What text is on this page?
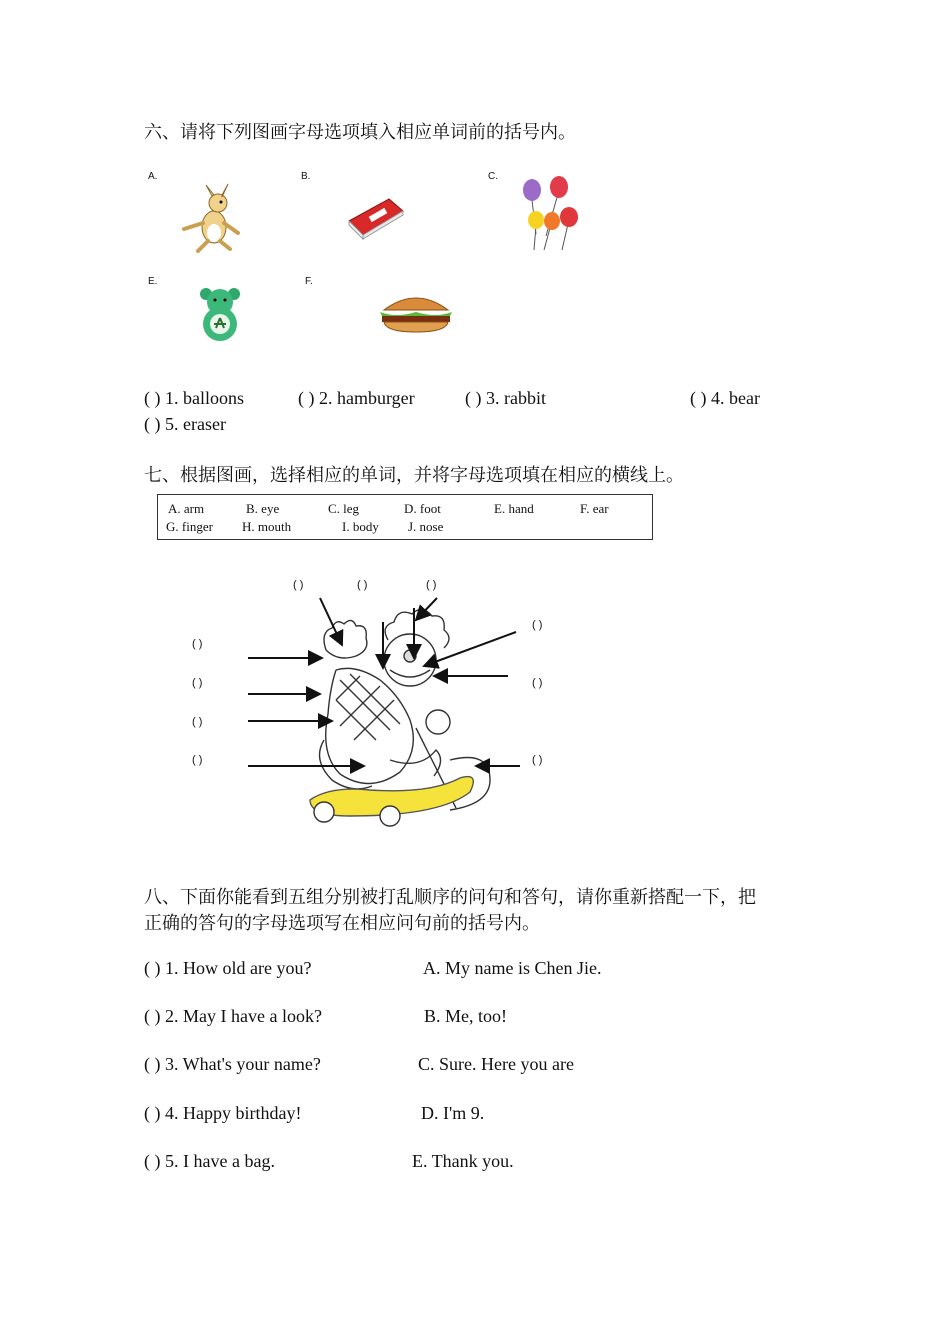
六、请将下列图画字母选项填入相应单词前的括号内。
A.	B.	C.
E.	F.
( ) 1. balloons	( ) 2. hamburger	( ) 3. rabbit	( ) 4. bear
( ) 5. eraser
七、根据图画，选择相应的单词，并将字母选项填在相应的横线上。
A. arm	B. eye	C. leg	D. foot	E. hand	F. ear
G. finger H. mouth	I. body J. nose
( )	( )	( )
( )
( )
( )
( )
( )
( )
( )
八、下面你能看到五组分别被打乱顺序的问句和答句，请你重新搭配一下，把
正确的答句的字母选项写在相应问句前的括号内。
( ) 1. How old are you?	A. My name is Chen Jie.
( ) 2. May I have a look?	B. Me, too!
( ) 3. What's your name?	C. Sure. Here you are
( ) 4. Happy birthday!	D. I'm 9.
( ) 5. I have a bag.	E. Thank you.
